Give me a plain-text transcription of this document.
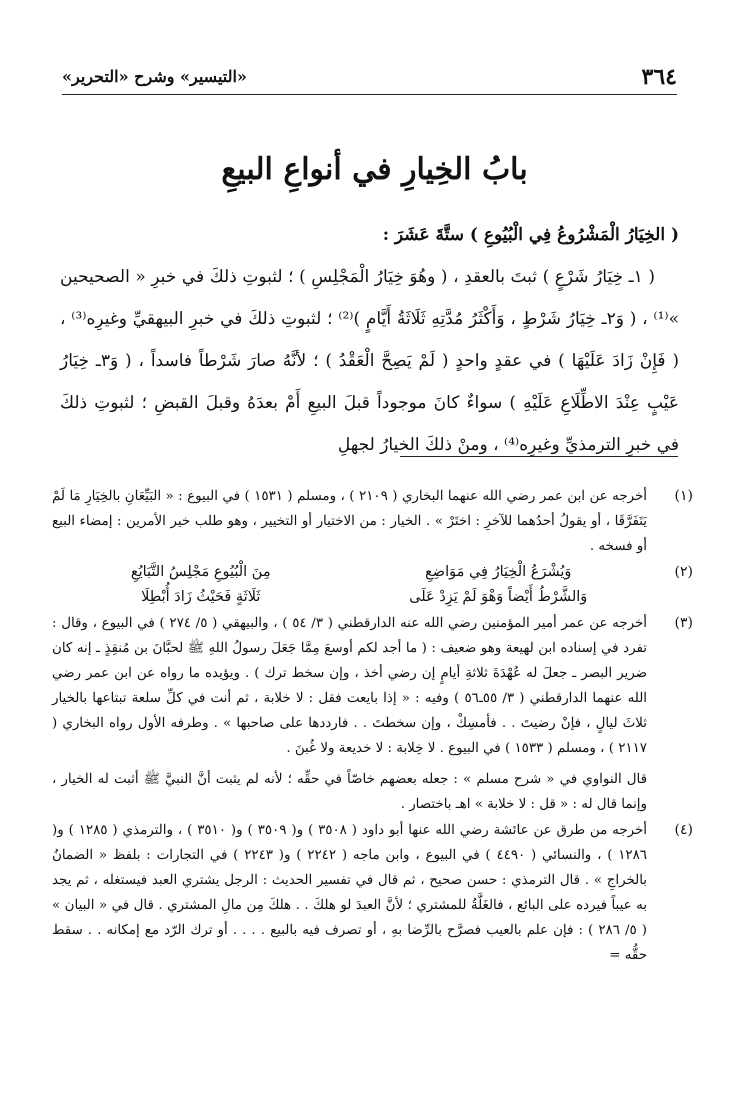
٣٦٤
«التيسير» وشرح «التحرير»
بابُ الخِيارِ في أنواعِ البيعِ

( الخِيَارُ الْمَشْرُوعُ فِي الْبُيُوعِ ) ستَّةَ عَشَرَ :

( ١ـ خِيَارُ شَرْعٍ ) ثبتَ بالعقدِ ، ( وهُوَ خِيَارُ الْمَجْلِسِ ) ؛ لثبوتِ ذلكَ في خبرِ « الصحيحين »⁽¹⁾ ، ( وَ٢ـ خِيَارُ شَرْطٍ ، وَأَكْثَرُ مُدَّتِهِ ثَلَاثَةُ أَيَّامٍ )⁽²⁾ ؛ لثبوتِ ذلكَ في خبرِ البيهقيِّ وغيرِه⁽³⁾ ، ( فَإِنْ زَادَ عَلَيْهَا ) في عقدٍ واحدٍ ( لَمْ يَصِحَّ الْعَقْدُ ) ؛ لأنَّهُ صارَ شَرْطاً فاسداً ، ( وَ٣ـ خِيَارُ عَيْبٍ عِنْدَ الاطِّلَاعِ عَلَيْهِ ) سواءٌ كانَ موجوداً قبلَ البيعِ أَمْ بعدَهُ وقبلَ القبضِ ؛ لثبوتِ ذلكَ في خبرِ الترمذيِّ وغيرِه⁽⁴⁾ ، ومنْ ذلكَ الخيارُ لجهلِ

(١)

أخرجه عن ابن عمر رضي الله عنهما البخاري ( ٢١٠٩ ) ، ومسلم ( ١٥٣١ ) في البيوع : « البَيِّعَانِ بالخِيَارِ مَا لَمْ يَتَفَرَّقَا ، أو يقولُ أحدُهما للآخرِ : اختَرْ » . الخيار : من الاختيار أو التخيير ، وهو طلب خير الأمرين : إمضاء البيع أو فسخه .

(٢)
وَيُشْرَعُ الْخِيَارُ فِي مَوَاضِعِ	مِنَ الْبُيُوعِ مَجْلِسُ التَّبَايُعِ
وَالشَّرْطُ أَيْضاً وَهْوَ لَمْ يَزِدْ عَلَى	ثَلَاثَةٍ فَحَيْثُ زَادَ أُبْطِلَا
(٣)

أخرجه عن عمر أمير المؤمنين رضي الله عنه الدارقطني ( ٣/ ٥٤ ) ، والبيهقي ( ٥/ ٢٧٤ ) في البيوع ، وقال : تفرد في إسناده ابن لهيعة وهو ضعيف : ( ما أجد لكم أوسعَ مِمَّا جَعَلَ رسولُ اللهِ ﷺ لحبَّانَ بن مُنقِذٍ ـ إنه كان ضرير البصر ـ جعلَ له عُهْدَةَ ثلاثةِ أيامٍ إن رضي أخذ ، وإن سخط ترك ) . ويؤيده ما رواه عن ابن عمر رضي الله عنهما الدارقطني ( ٣/ ٥٥ـ٥٦ ) وفيه : « إذا بايعت فقل : لا خلابة ، ثم أنت في كلِّ سلعة تبتاعها بالخيار ثلاثَ ليالٍ ، فإنْ رضيتَ . . فأمسِكْ ، وإن سخطتَ . . فارددها على صاحبها » . وطرفه الأول رواه البخاري ( ٢١١٧ ) ، ومسلم ( ١٥٣٣ ) في البيوع . لا خِلابة : لا خديعة ولا غُبنَ .

قال النواوي في « شرح مسلم » : جعله بعضهم خاصّاً في حقِّه ؛ لأنه لم يثبت أنَّ النبيَّ ﷺ أثبت له الخيار ، وإنما قال له : « قل : لا خلابة » اهـ باختصار .

(٤)

أخرجه من طرق عن عائشة رضي الله عنها أبو داود ( ٣٥٠٨ ) و( ٣٥٠٩ ) و( ٣٥١٠ ) ، والترمذي ( ١٢٨٥ ) و( ١٢٨٦ ) ، والنسائي ( ٤٤٩٠ ) في البيوع ، وابن ماجه ( ٢٢٤٢ ) و( ٢٢٤٣ ) في التجارات : بلفظ « الضمانُ بالخراجِ » . قال الترمذي : حسن صحيح ، ثم قال في تفسير الحديث : الرجل يشتري العبد فيستغله ، ثم يجد به عيباً فيرده على البائع ، فالغَلَّةُ للمشتري ؛ لأنَّ العبدَ لو هلكَ . . هلكَ مِن مالِ المشتري . قال في « البيان » ( ٥/ ٢٨٦ ) : فإن علم بالعيب فصرَّح بالرِّضا بهِ ، أو تصرف فيه بالبيع . . . . أو ترك الرّد مع إمكانه . . سقط حقُّه =
